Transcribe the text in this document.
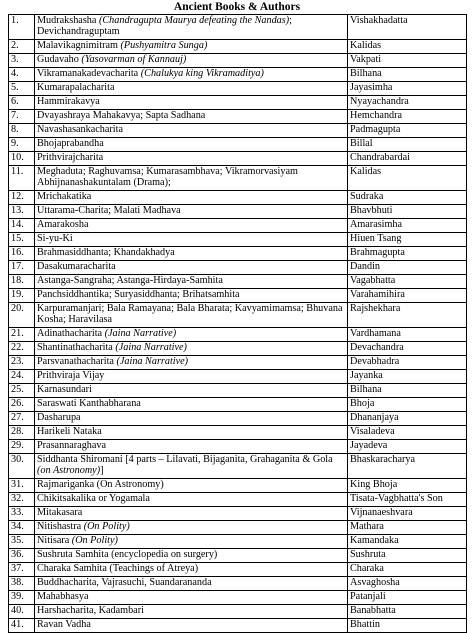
Ancient Books & Authors
1.	Mudrakshasha (Chandragupta Maurya defeating the Nandas); Devichandraguptam	Vishakhadatta
2.	Malavikagnimitram (Pushyamitra Sunga)	Kalidas
3.	Gudavaho (Yasovarman of Kannauj)	Vakpati
4.	Vikramanakadevacharita (Chalukya king Vikramaditya)	Bilhana
5.	Kumarapalacharita	Jayasimha
6.	Hammirakavya	Nyayachandra
7.	Dvayashraya Mahakavya; Sapta Sadhana	Hemchandra
8.	Navashasankacharita	Padmagupta
9.	Bhojaprabandha	Billal
10.	Prithvirajcharita	Chandrabardai
11.	Meghaduta; Raghuvamsa; Kumarasambhava; Vikramorvasiyam Abhijnanashakuntalam (Drama);	Kalidas
12.	Mrichakatika	Sudraka
13.	Uttarama-Charita; Malati Madhava	Bhavbhuti
14.	Amarakosha	Amarasimha
15.	Si-yu-Ki	Hiuen Tsang
16.	Brahmasiddhanta; Khandakhadya	Brahmagupta
17.	Dasakumaracharita	Dandin
18.	Astanga-Sangraha; Astanga-Hirdaya-Samhita	Vagabhatta
19.	Panchsiddhantika; Suryasiddhanta; Brihatsamhita	Varahamihira
20.	Karpuramanjari; Bala Ramayana; Bala Bharata; Kavyamimamsa; Bhuvana Kosha; Haravilasa	Rajshekhara
21.	Adinathacharita (Jaina Narrative)	Vardhamana
22.	Shantinathacharita (Jaina Narrative)	Devachandra
23.	Parsvanathacharita (Jaina Narrative)	Devabhadra
24.	Prithviraja Vijay	Jayanka
25.	Karnasundari	Bilhana
26.	Saraswati Kanthabharana	Bhoja
27.	Dasharupa	Dhananjaya
28.	Harikeli Nataka	Visaladeva
29.	Prasannaraghava	Jayadeva
30.	Siddhanta Shiromani [4 parts – Lilavati, Bijaganita, Grahaganita & Gola (on Astronomy)]	Bhaskaracharya
31.	Rajmariganka (On Astronomy)	King Bhoja
32.	Chikitsakalika or Yogamala	Tisata-Vagbhatta's Son
33.	Mitakasara	Vijnanaeshvara
34.	Nitishastra (On Polity)	Mathara
35.	Nitisara (On Polity)	Kamandaka
36.	Sushruta Samhita (encyclopedia on surgery)	Sushruta
37.	Charaka Samhita (Teachings of Atreya)	Charaka
38.	Buddhacharita, Vajrasuchi, Suandarananda	Asvaghosha
39.	Mahabhasya	Patanjali
40.	Harshacharita, Kadambari	Banabhatta
41.	Ravan Vadha	Bhattin
